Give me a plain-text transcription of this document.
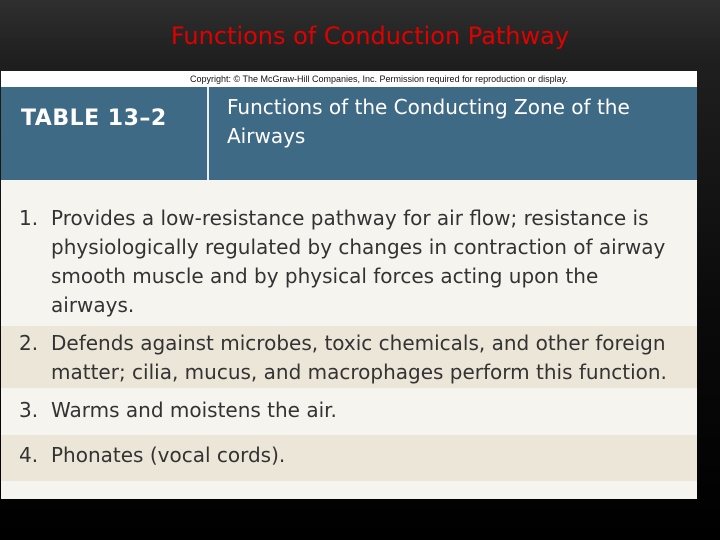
Functions of Conduction Pathway
Copyright: © The McGraw-Hill Companies, Inc. Permission required for reproduction or display.
TABLE 13–2	Functions of the Conducting Zone of the Airways
1. Provides a low-resistance pathway for air flow; resistance is physiologically regulated by changes in contraction of airway smooth muscle and by physical forces acting upon the airways.
2. Defends against microbes, toxic chemicals, and other foreign matter; cilia, mucus, and macrophages perform this function.
3. Warms and moistens the air.
4. Phonates (vocal cords).
